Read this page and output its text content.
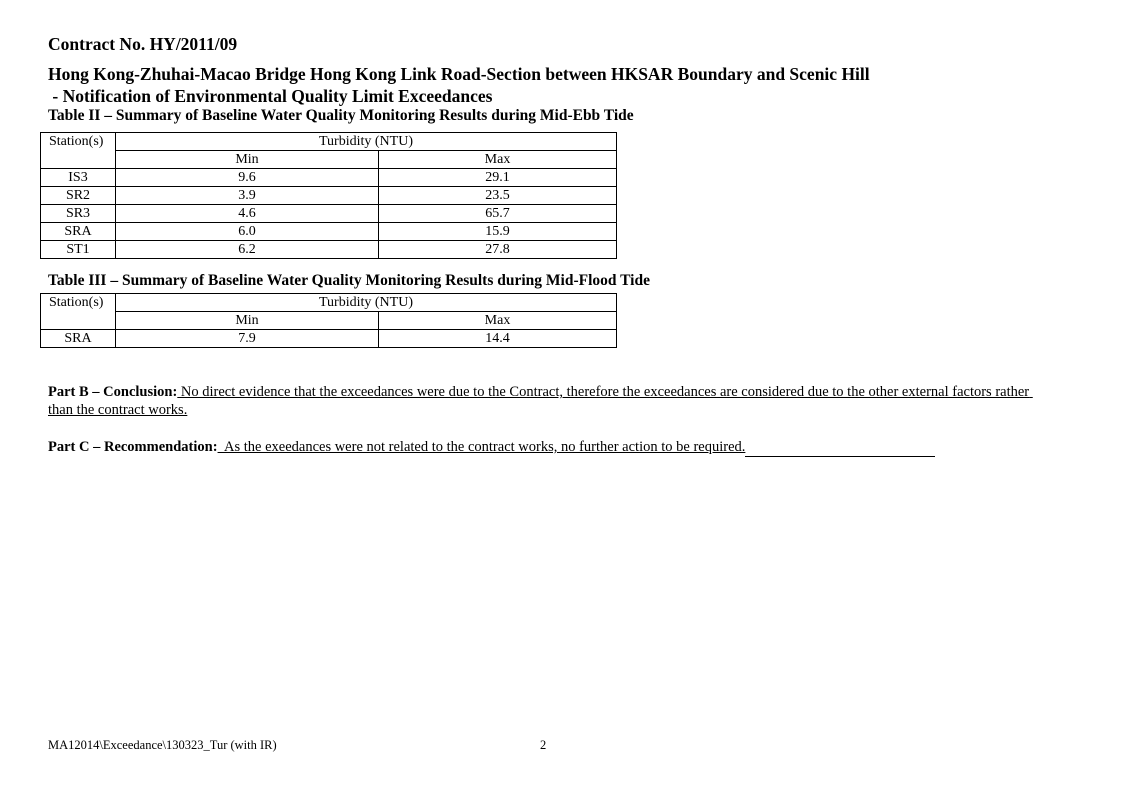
Contract No. HY/2011/09
Hong Kong-Zhuhai-Macao Bridge Hong Kong Link Road-Section between HKSAR Boundary and Scenic Hill
- Notification of Environmental Quality Limit Exceedances
Table II – Summary of Baseline Water Quality Monitoring Results during Mid-Ebb Tide
Station(s)	Turbidity (NTU)	
	Min	Max
IS3	9.6	29.1
SR2	3.9	23.5
SR3	4.6	65.7
SRA	6.0	15.9
ST1	6.2	27.8
Table III – Summary of Baseline Water Quality Monitoring Results during Mid-Flood Tide
Station(s)	Turbidity (NTU)	
	Min	Max
SRA	7.9	14.4

Part B – Conclusion: No direct evidence that the exceedances were due to the Contract, therefore the exceedances are considered due to the other external factors rather than the contract works.

Part C – Recommendation:  As the exeedances were not related to the contract works, no further action to be required.

MA12014\Exceedance\130323_Tur (with IR)	2
